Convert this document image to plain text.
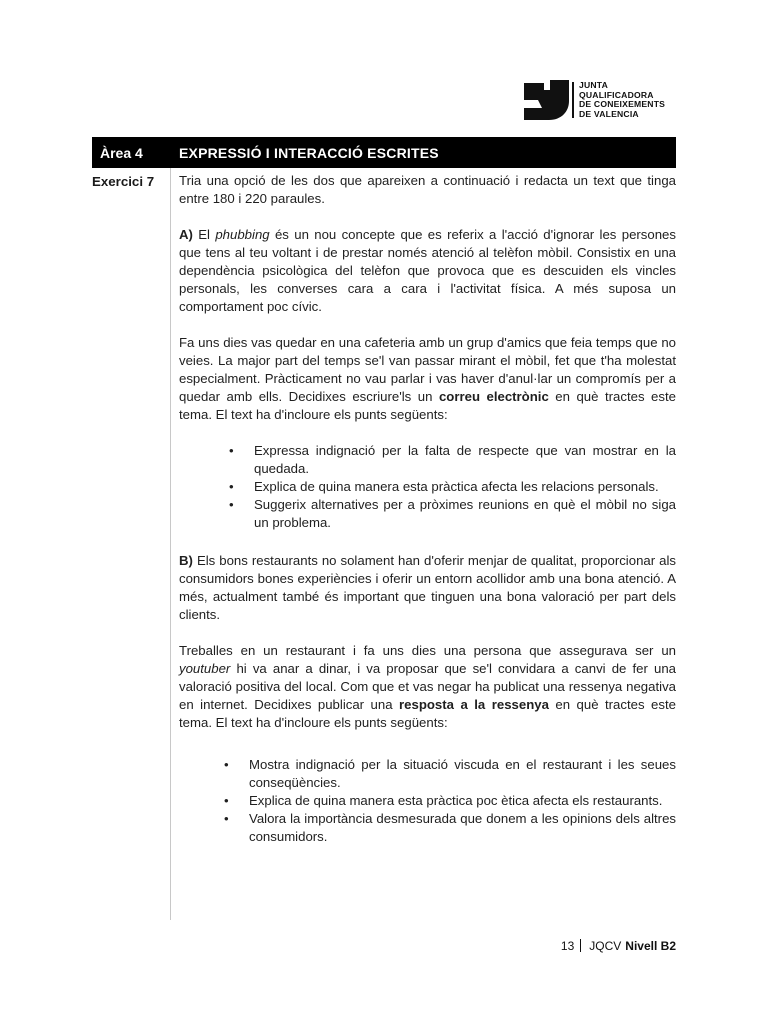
JUNTA
QUALIFICADORA
DE CONEIXEMENTS
DE VALENCIA
Àrea 4	EXPRESSIÓ I INTERACCIÓ ESCRITES
Exercici 7 Tria una opció de les dos que apareixen a continuació i redacta un text que tinga entre 180 i 220 paraules.

A) El phubbing és un nou concepte que es referix a l'acció d'ignorar les persones que tens al teu voltant i de prestar només atenció al telèfon mòbil. Consistix en una dependència psicològica del telèfon que provoca que es descuiden els vincles personals, les converses cara a cara i l'activitat física. A més suposa un comportament poc cívic.

Fa uns dies vas quedar en una cafeteria amb un grup d'amics que feia temps que no veies. La major part del temps se'l van passar mirant el mòbil, fet que t'ha molestat especialment. Pràcticament no vau parlar i vas haver d'anul·lar un compromís per a quedar amb ells. Decidixes escriure'ls un correu electrònic en què tractes este tema. El text ha d'incloure els punts següents:

• Expressa indignació per la falta de respecte que van mostrar en la quedada.
• Explica de quina manera esta pràctica afecta les relacions personals.
• Suggerix alternatives per a pròximes reunions en què el mòbil no siga un problema.

B) Els bons restaurants no solament han d'oferir menjar de qualitat, proporcionar als consumidors bones experiències i oferir un entorn acollidor amb una bona atenció. A més, actualment també és important que tinguen una bona valoració per part dels clients.

Treballes en un restaurant i fa uns dies una persona que assegurava ser un youtuber hi va anar a dinar, i va proposar que se'l convidara a canvi de fer una valoració positiva del local. Com que et vas negar ha publicat una ressenya negativa en internet. Decidixes publicar una resposta a la ressenya en què tractes este tema. El text ha d'incloure els punts següents:

• Mostra indignació per la situació viscuda en el restaurant i les seues conseqüències.
• Explica de quina manera esta pràctica poc ètica afecta els restaurants.
• Valora la importància desmesurada que donem a les opinions dels altres consumidors.
13 JQCV Nivell B2
